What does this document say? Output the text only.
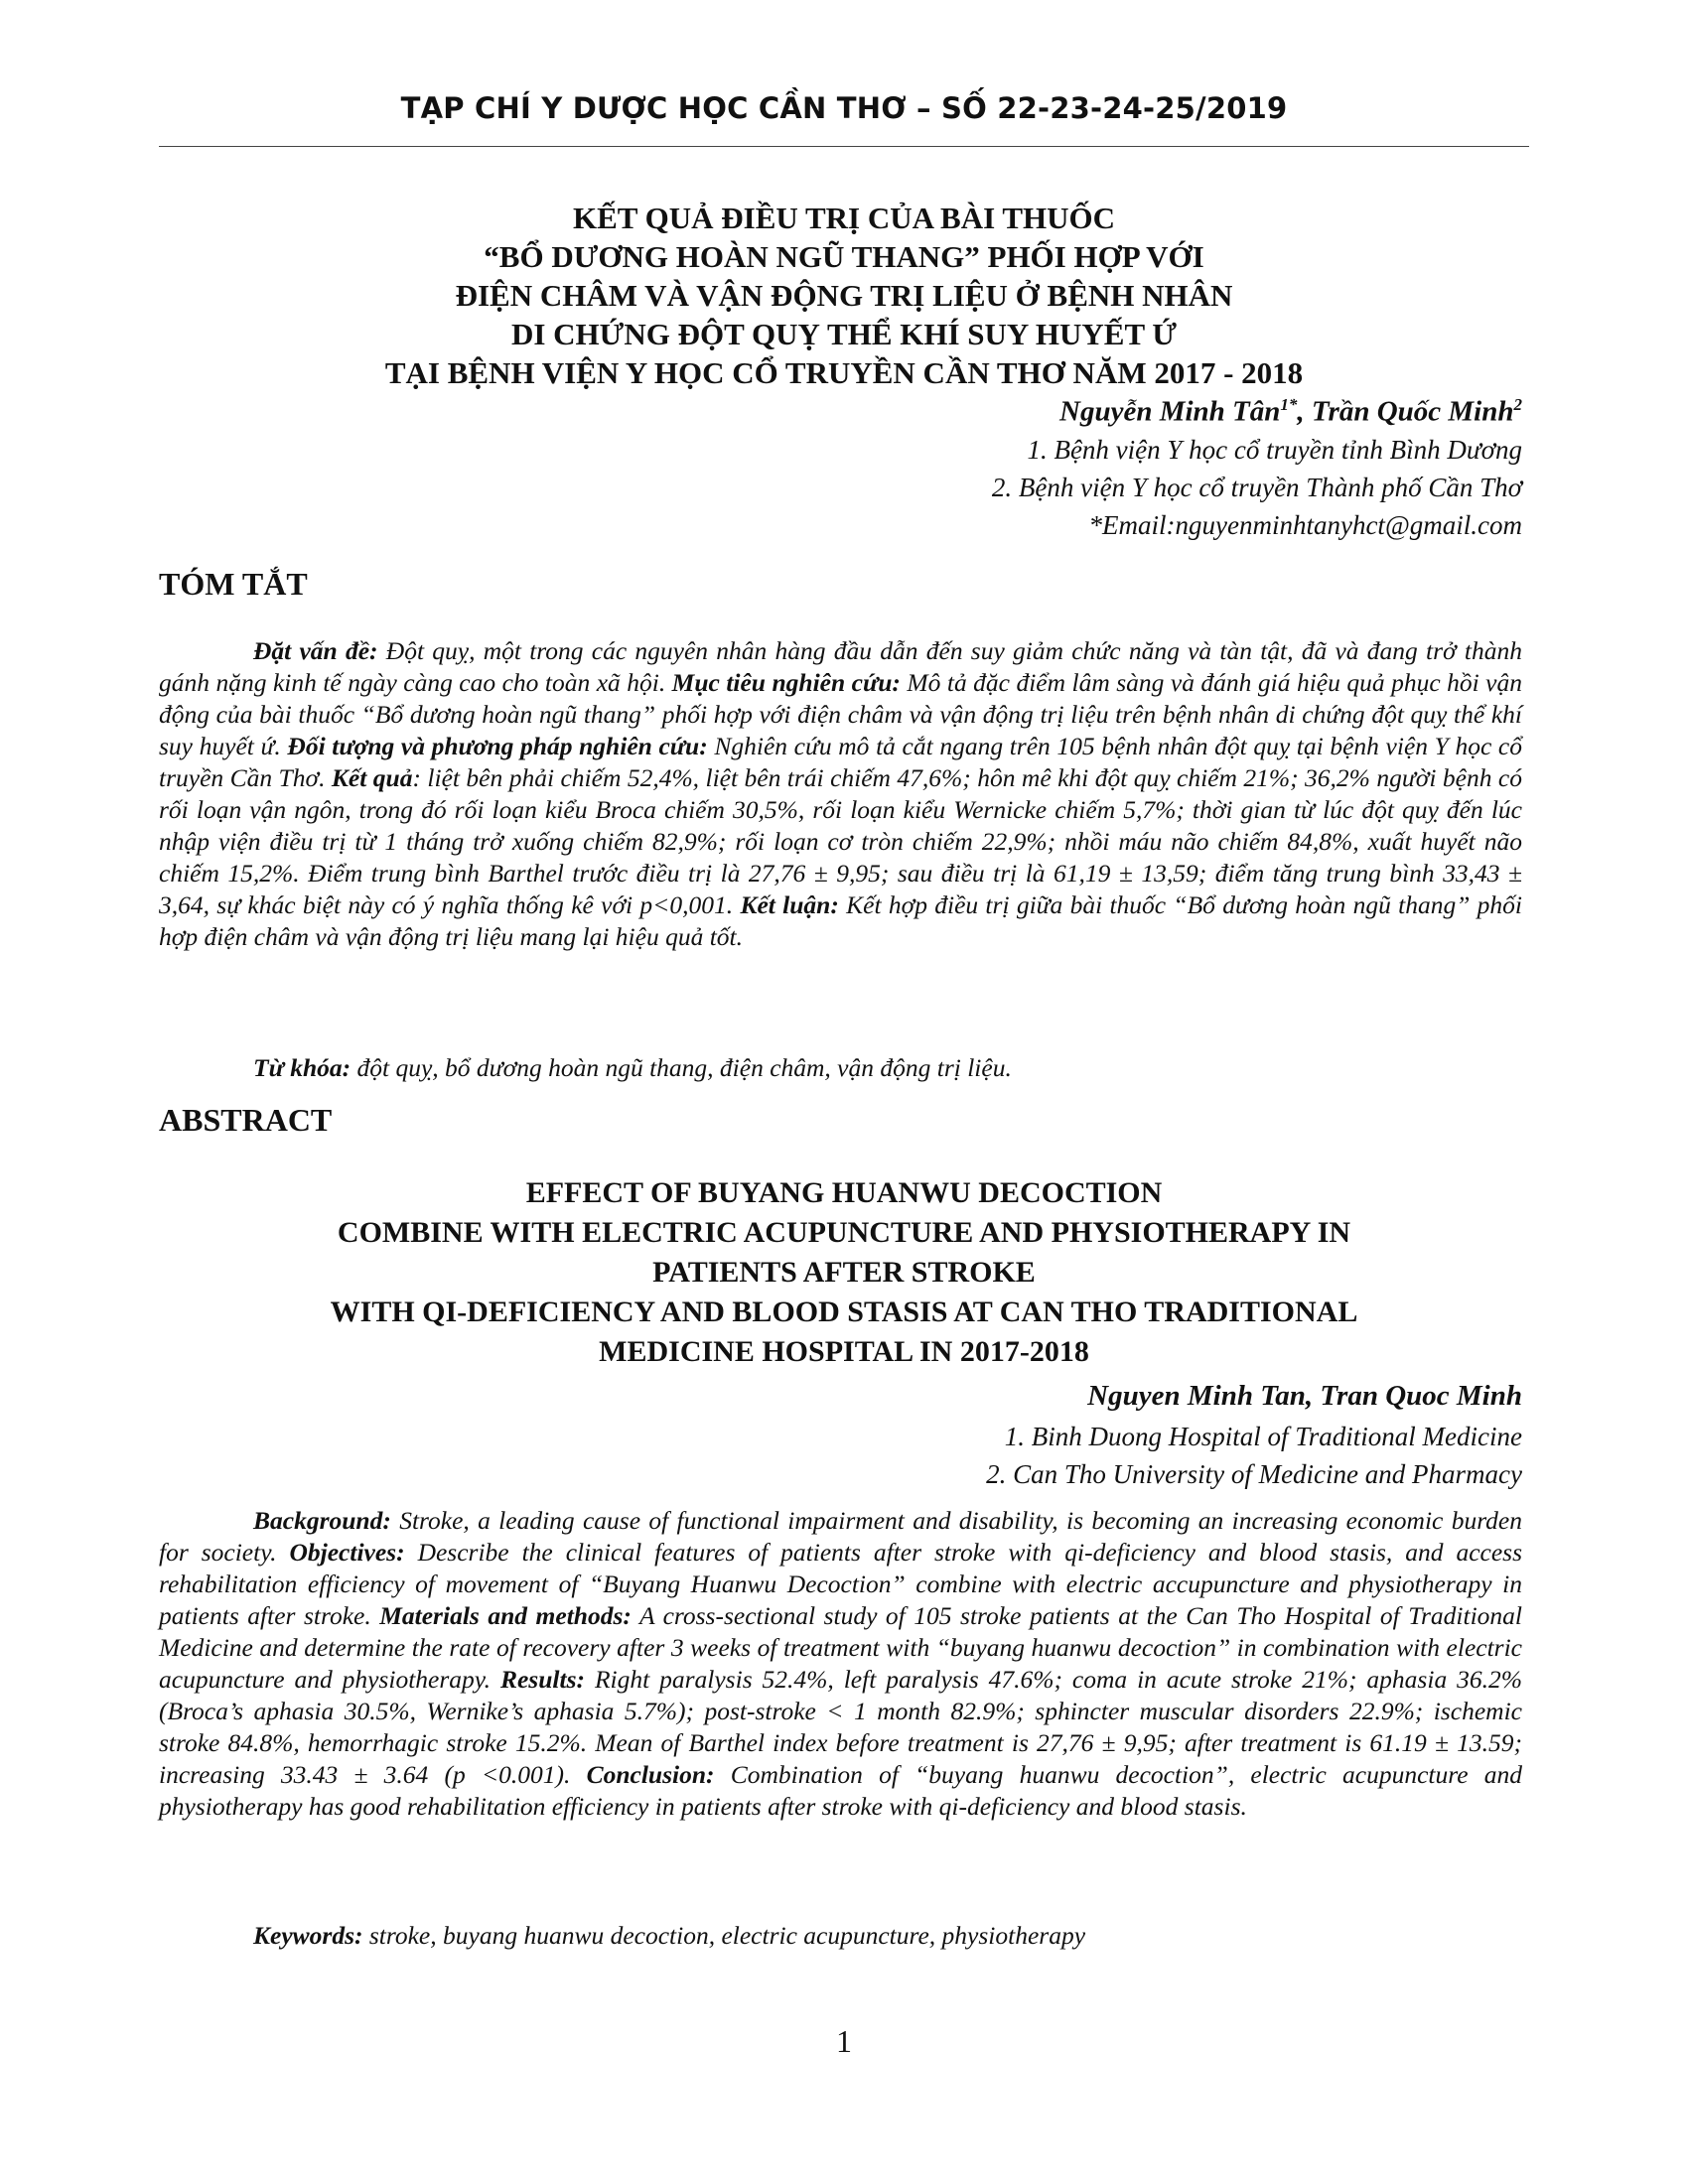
TẠP CHÍ Y DƯỢC HỌC CẦN THƠ – SỐ 22-23-24-25/2019
KẾT QUẢ ĐIỀU TRỊ CỦA BÀI THUỐC
“BỔ DƯƠNG HOÀN NGŨ THANG” PHỐI HỢP VỚI
ĐIỆN CHÂM VÀ VẬN ĐỘNG TRỊ LIỆU Ở BỆNH NHÂN
DI CHỨNG ĐỘT QUỴ THỂ KHÍ SUY HUYẾT Ứ
TẠI BỆNH VIỆN Y HỌC CỔ TRUYỀN CẦN THƠ NĂM 2017 - 2018
Nguyễn Minh Tân$^{1*}$, Trần Quốc Minh$^2$
1. Bệnh viện Y học cổ truyền tỉnh Bình Dương
2. Bệnh viện Y học cổ truyền Thành phố Cần Thơ
*Email:nguyenminhtanyhct@gmail.com
TÓM TẮT
Đặt vấn đề: Đột quỵ, một trong các nguyên nhân hàng đầu dẫn đến suy giảm chức năng và tàn tật, đã và đang trở thành gánh nặng kinh tế ngày càng cao cho toàn xã hội. Mục tiêu nghiên cứu: Mô tả đặc điểm lâm sàng và đánh giá hiệu quả phục hồi vận động của bài thuốc “Bổ dương hoàn ngũ thang” phối hợp với điện châm và vận động trị liệu trên bệnh nhân di chứng đột quỵ thể khí suy huyết ứ. Đối tượng và phương pháp nghiên cứu: Nghiên cứu mô tả cắt ngang trên 105 bệnh nhân đột quỵ tại bệnh viện Y học cổ truyền Cần Thơ. Kết quả: liệt bên phải chiếm 52,4%, liệt bên trái chiếm 47,6%; hôn mê khi đột quỵ chiếm 21%; 36,2% người bệnh có rối loạn vận ngôn, trong đó rối loạn kiểu Broca chiếm 30,5%, rối loạn kiểu Wernicke chiếm 5,7%; thời gian từ lúc đột quỵ đến lúc nhập viện điều trị từ 1 tháng trở xuống chiếm 82,9%; rối loạn cơ tròn chiếm 22,9%; nhồi máu não chiếm 84,8%, xuất huyết não chiếm 15,2%. Điểm trung bình Barthel trước điều trị là 27,76 ± 9,95; sau điều trị là 61,19 ± 13,59; điểm tăng trung bình 33,43 ± 3,64, sự khác biệt này có ý nghĩa thống kê với p<0,001. Kết luận: Kết hợp điều trị giữa bài thuốc “Bổ dương hoàn ngũ thang” phối hợp điện châm và vận động trị liệu mang lại hiệu quả tốt.
Từ khóa: đột quỵ, bổ dương hoàn ngũ thang, điện châm, vận động trị liệu.
ABSTRACT
EFFECT OF BUYANG HUANWU DECOCTION
COMBINE WITH ELECTRIC ACUPUNCTURE AND PHYSIOTHERAPY IN
PATIENTS AFTER STROKE
WITH QI-DEFICIENCY AND BLOOD STASIS AT CAN THO TRADITIONAL
MEDICINE HOSPITAL IN 2017-2018
Nguyen Minh Tan, Tran Quoc Minh
1. Binh Duong Hospital of Traditional Medicine
2. Can Tho University of Medicine and Pharmacy
Background: Stroke, a leading cause of functional impairment and disability, is becoming an increasing economic burden for society. Objectives: Describe the clinical features of patients after stroke with qi-deficiency and blood stasis, and access rehabilitation efficiency of movement of “Buyang Huanwu Decoction” combine with electric accupuncture and physiotherapy in patients after stroke. Materials and methods: A cross-sectional study of 105 stroke patients at the Can Tho Hospital of Traditional Medicine and determine the rate of recovery after 3 weeks of treatment with “buyang huanwu decoction” in combination with electric acupuncture and physiotherapy. Results: Right paralysis 52.4%, left paralysis 47.6%; coma in acute stroke 21%; aphasia 36.2% (Broca’s aphasia 30.5%, Wernike’s aphasia 5.7%); post-stroke < 1 month 82.9%; sphincter muscular disorders 22.9%; ischemic stroke 84.8%, hemorrhagic stroke 15.2%. Mean of Barthel index before treatment is 27,76 ± 9,95; after treatment is 61.19 ± 13.59; increasing 33.43 ± 3.64 (p <0.001). Conclusion: Combination of “buyang huanwu decoction”, electric acupuncture and physiotherapy has good rehabilitation efficiency in patients after stroke with qi-deficiency and blood stasis.
Keywords: stroke, buyang huanwu decoction, electric acupuncture, physiotherapy
1
